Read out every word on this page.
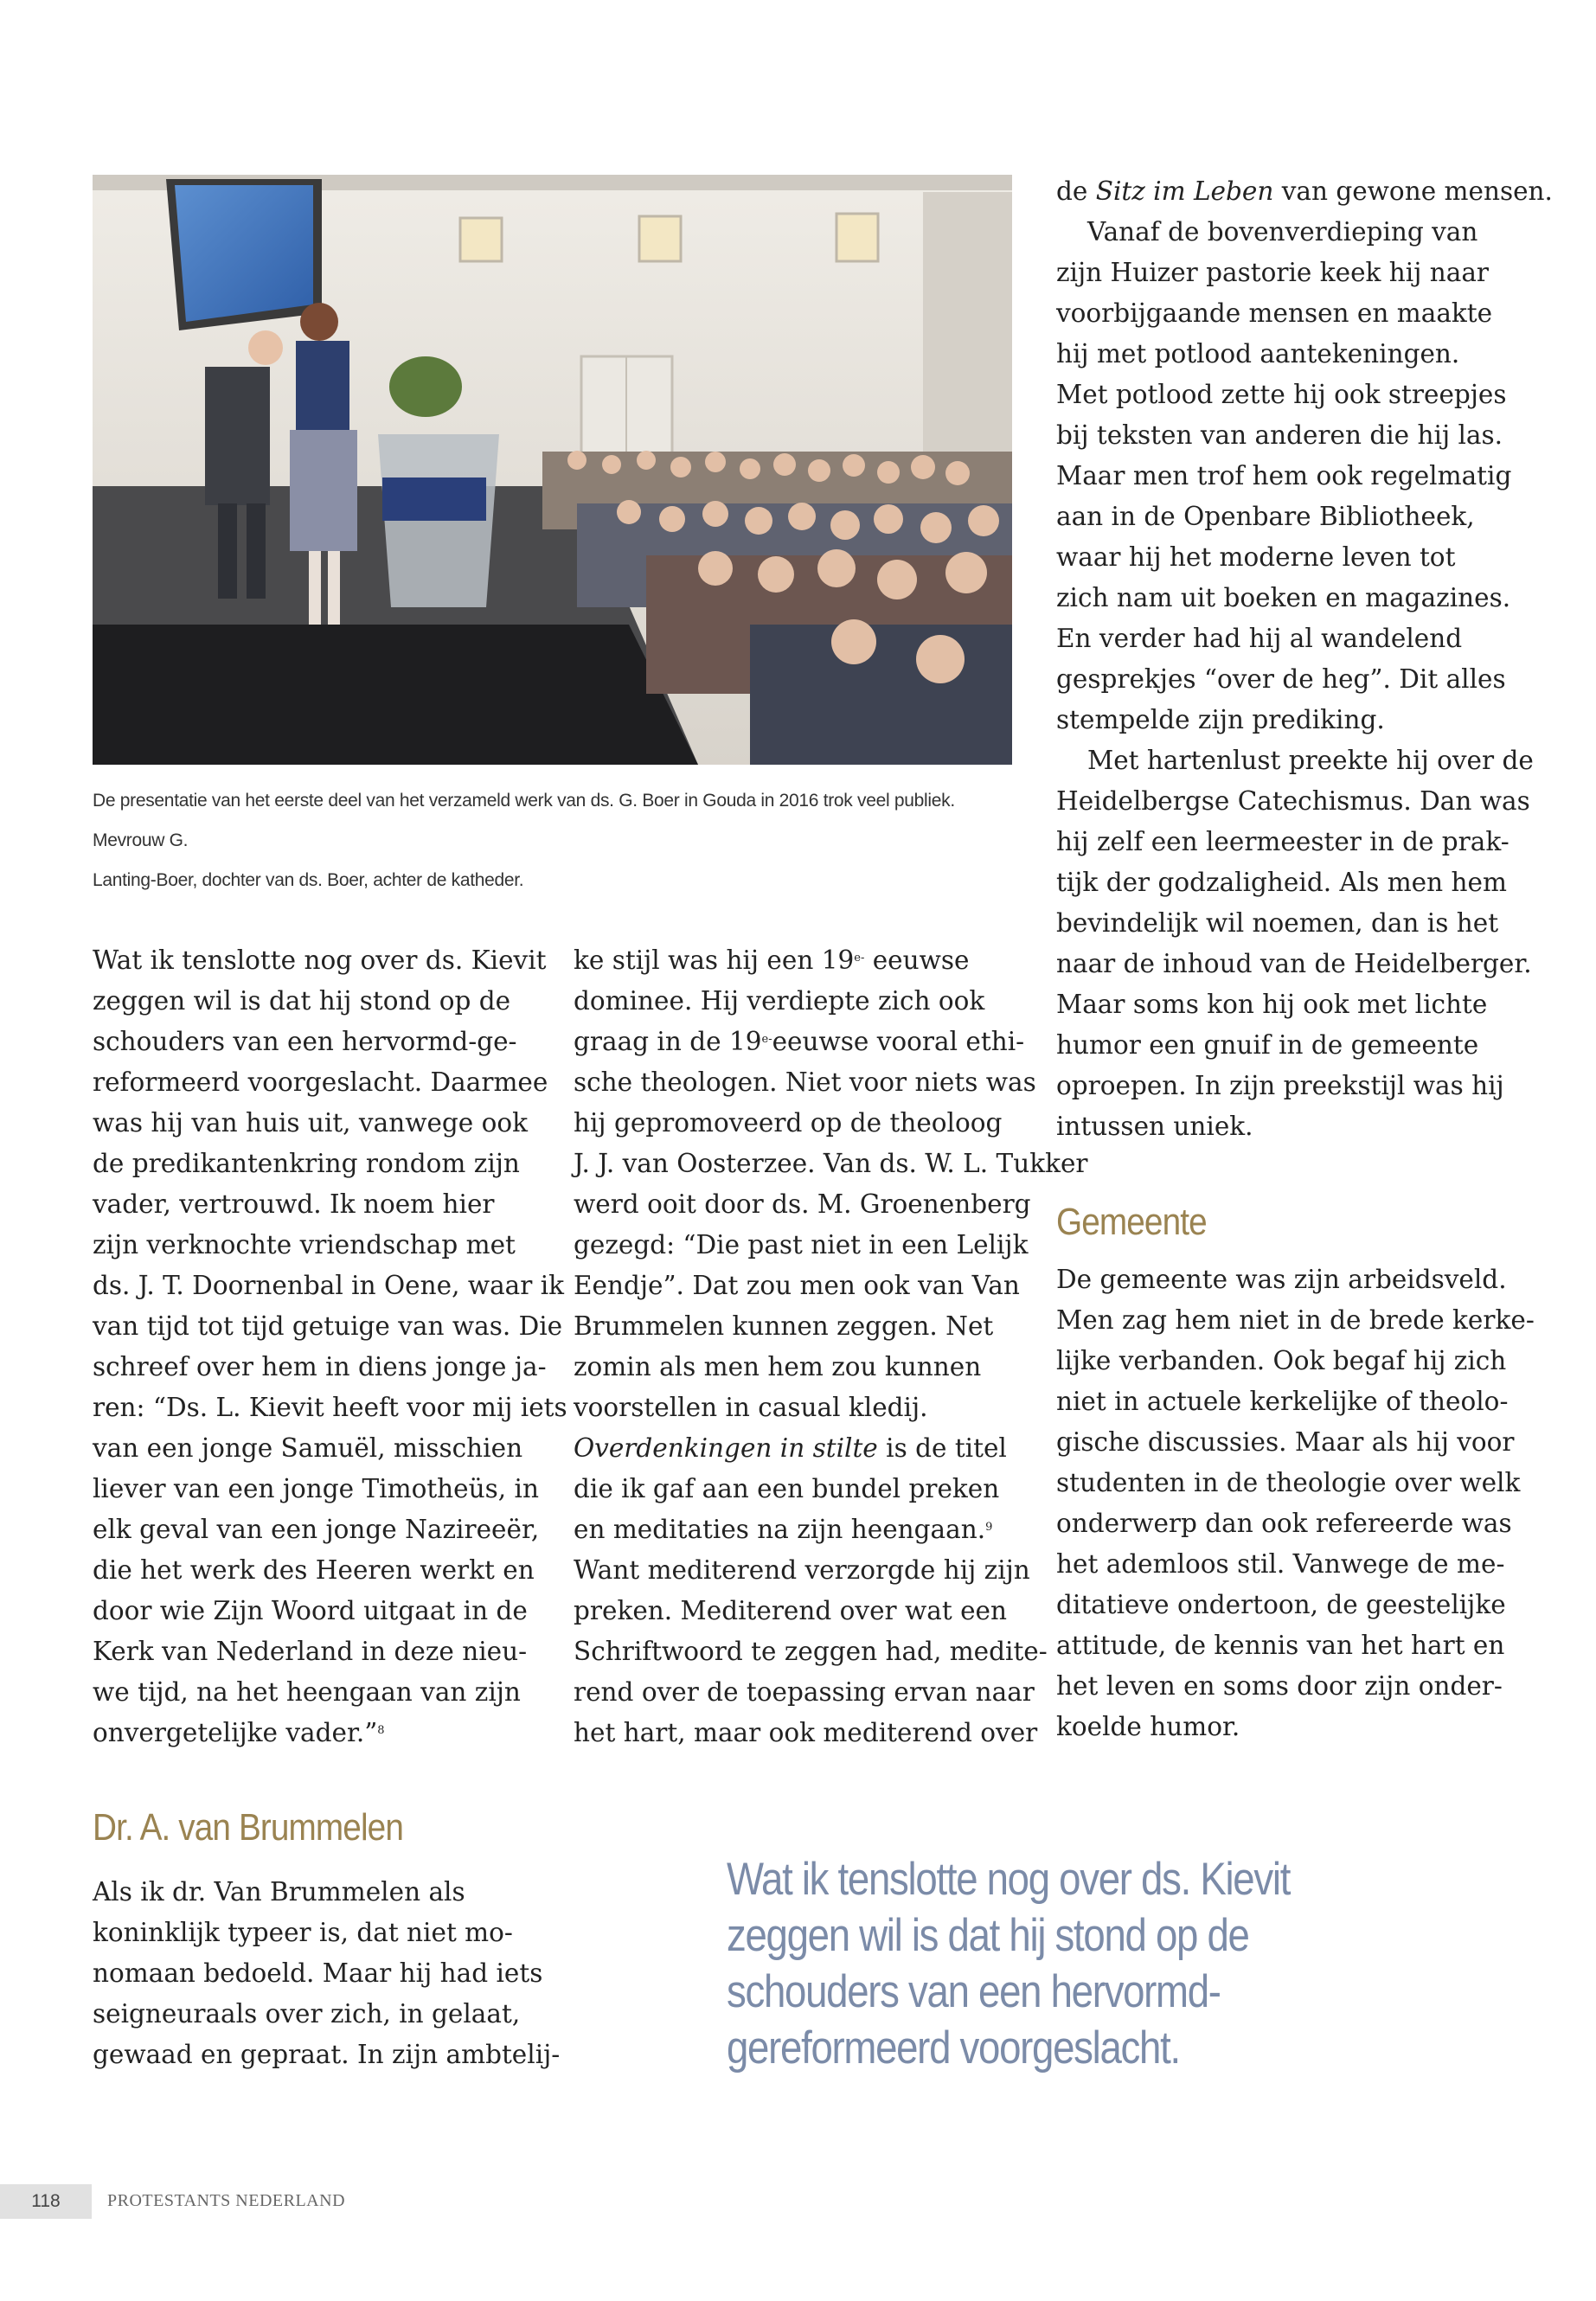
De presentatie van het eerste deel van het verzameld werk van ds. G. Boer in Gouda in 2016 trok veel publiek. Mevrouw G.

Lanting-Boer, dochter van ds. Boer, achter de katheder.

Wat ik tenslotte nog over ds. Kievit

zeggen wil is dat hij stond op de

schouders van een hervormd-ge-

reformeerd voorgeslacht. Daarmee

was hij van huis uit, vanwege ook

de predikantenkring rondom zijn

vader, vertrouwd. Ik noem hier

zijn verknochte vriendschap met

ds. J. T. Doornenbal in Oene, waar ik

van tijd tot tijd getuige van was. Die

schreef over hem in diens jonge ja-

ren: “Ds. L. Kievit heeft voor mij iets

van een jonge Samuël, misschien

liever van een jonge Timotheüs, in

elk geval van een jonge Nazireeër,

die het werk des Heeren werkt en

door wie Zijn Woord uitgaat in de

Kerk van Nederland in deze nieu-

we tijd, na het heengaan van zijn

onvergetelijke vader.”$^8$

ke stijl was hij een $19^{e-}$ eeuwse

dominee. Hij verdiepte zich ook

graag in de $19^{e-}eeuwse$ vooral ethi-

sche theologen. Niet voor niets was

hij gepromoveerd op de theoloog

J. J. van Oosterzee. Van ds. W. L. Tukker

werd ooit door ds. M. Groenenberg

gezegd: “Die past niet in een Lelijk

Eendje”. Dat zou men ook van Van

Brummelen kunnen zeggen. Net

zomin als men hem zou kunnen

voorstellen in casual kledij.

Overdenkingen in stilte is de titel

die ik gaf aan een bundel preken

en meditaties na zijn heengaan.$^9$

Want mediterend verzorgde hij zijn

preken. Mediterend over wat een

Schriftwoord te zeggen had, medite-

rend over de toepassing ervan naar

het hart, maar ook mediterend over

de Sitz im Leben van gewone mensen.

Vanaf de bovenverdieping van

zijn Huizer pastorie keek hij naar

voorbijgaande mensen en maakte

hij met potlood aantekeningen.

Met potlood zette hij ook streepjes

bij teksten van anderen die hij las.

Maar men trof hem ook regelmatig

aan in de Openbare Bibliotheek,

waar hij het moderne leven tot

zich nam uit boeken en magazines.

En verder had hij al wandelend

gesprekjes “over de heg”. Dit alles

stempelde zijn prediking.

Met hartenlust preekte hij over de

Heidelbergse Catechismus. Dan was

hij zelf een leermeester in de prak-

tijk der godzaligheid. Als men hem

bevindelijk wil noemen, dan is het

naar de inhoud van de Heidelberger.

Maar soms kon hij ook met lichte

humor een gnuif in de gemeente

oproepen. In zijn preekstijl was hij

intussen uniek.

Gemeente

De gemeente was zijn arbeidsveld.

Men zag hem niet in de brede kerke-

lijke verbanden. Ook begaf hij zich

niet in actuele kerkelijke of theolo-

gische discussies. Maar als hij voor

studenten in de theologie over welk

onderwerp dan ook refereerde was

het ademloos stil. Vanwege de me-

ditatieve ondertoon, de geestelijke

attitude, de kennis van het hart en

het leven en soms door zijn onder-

koelde humor.

Dr. A. van Brummelen

Als ik dr. Van Brummelen als

koninklijk typeer is, dat niet mo-

nomaan bedoeld. Maar hij had iets

seigneuraals over zich, in gelaat,

gewaad en gepraat. In zijn ambtelij-

Wat ik tenslotte nog over ds. Kievit

zeggen wil is dat hij stond op de

schouders van een hervormd-

gereformeerd voorgeslacht.

118	PROTESTANTS NEDERLAND
